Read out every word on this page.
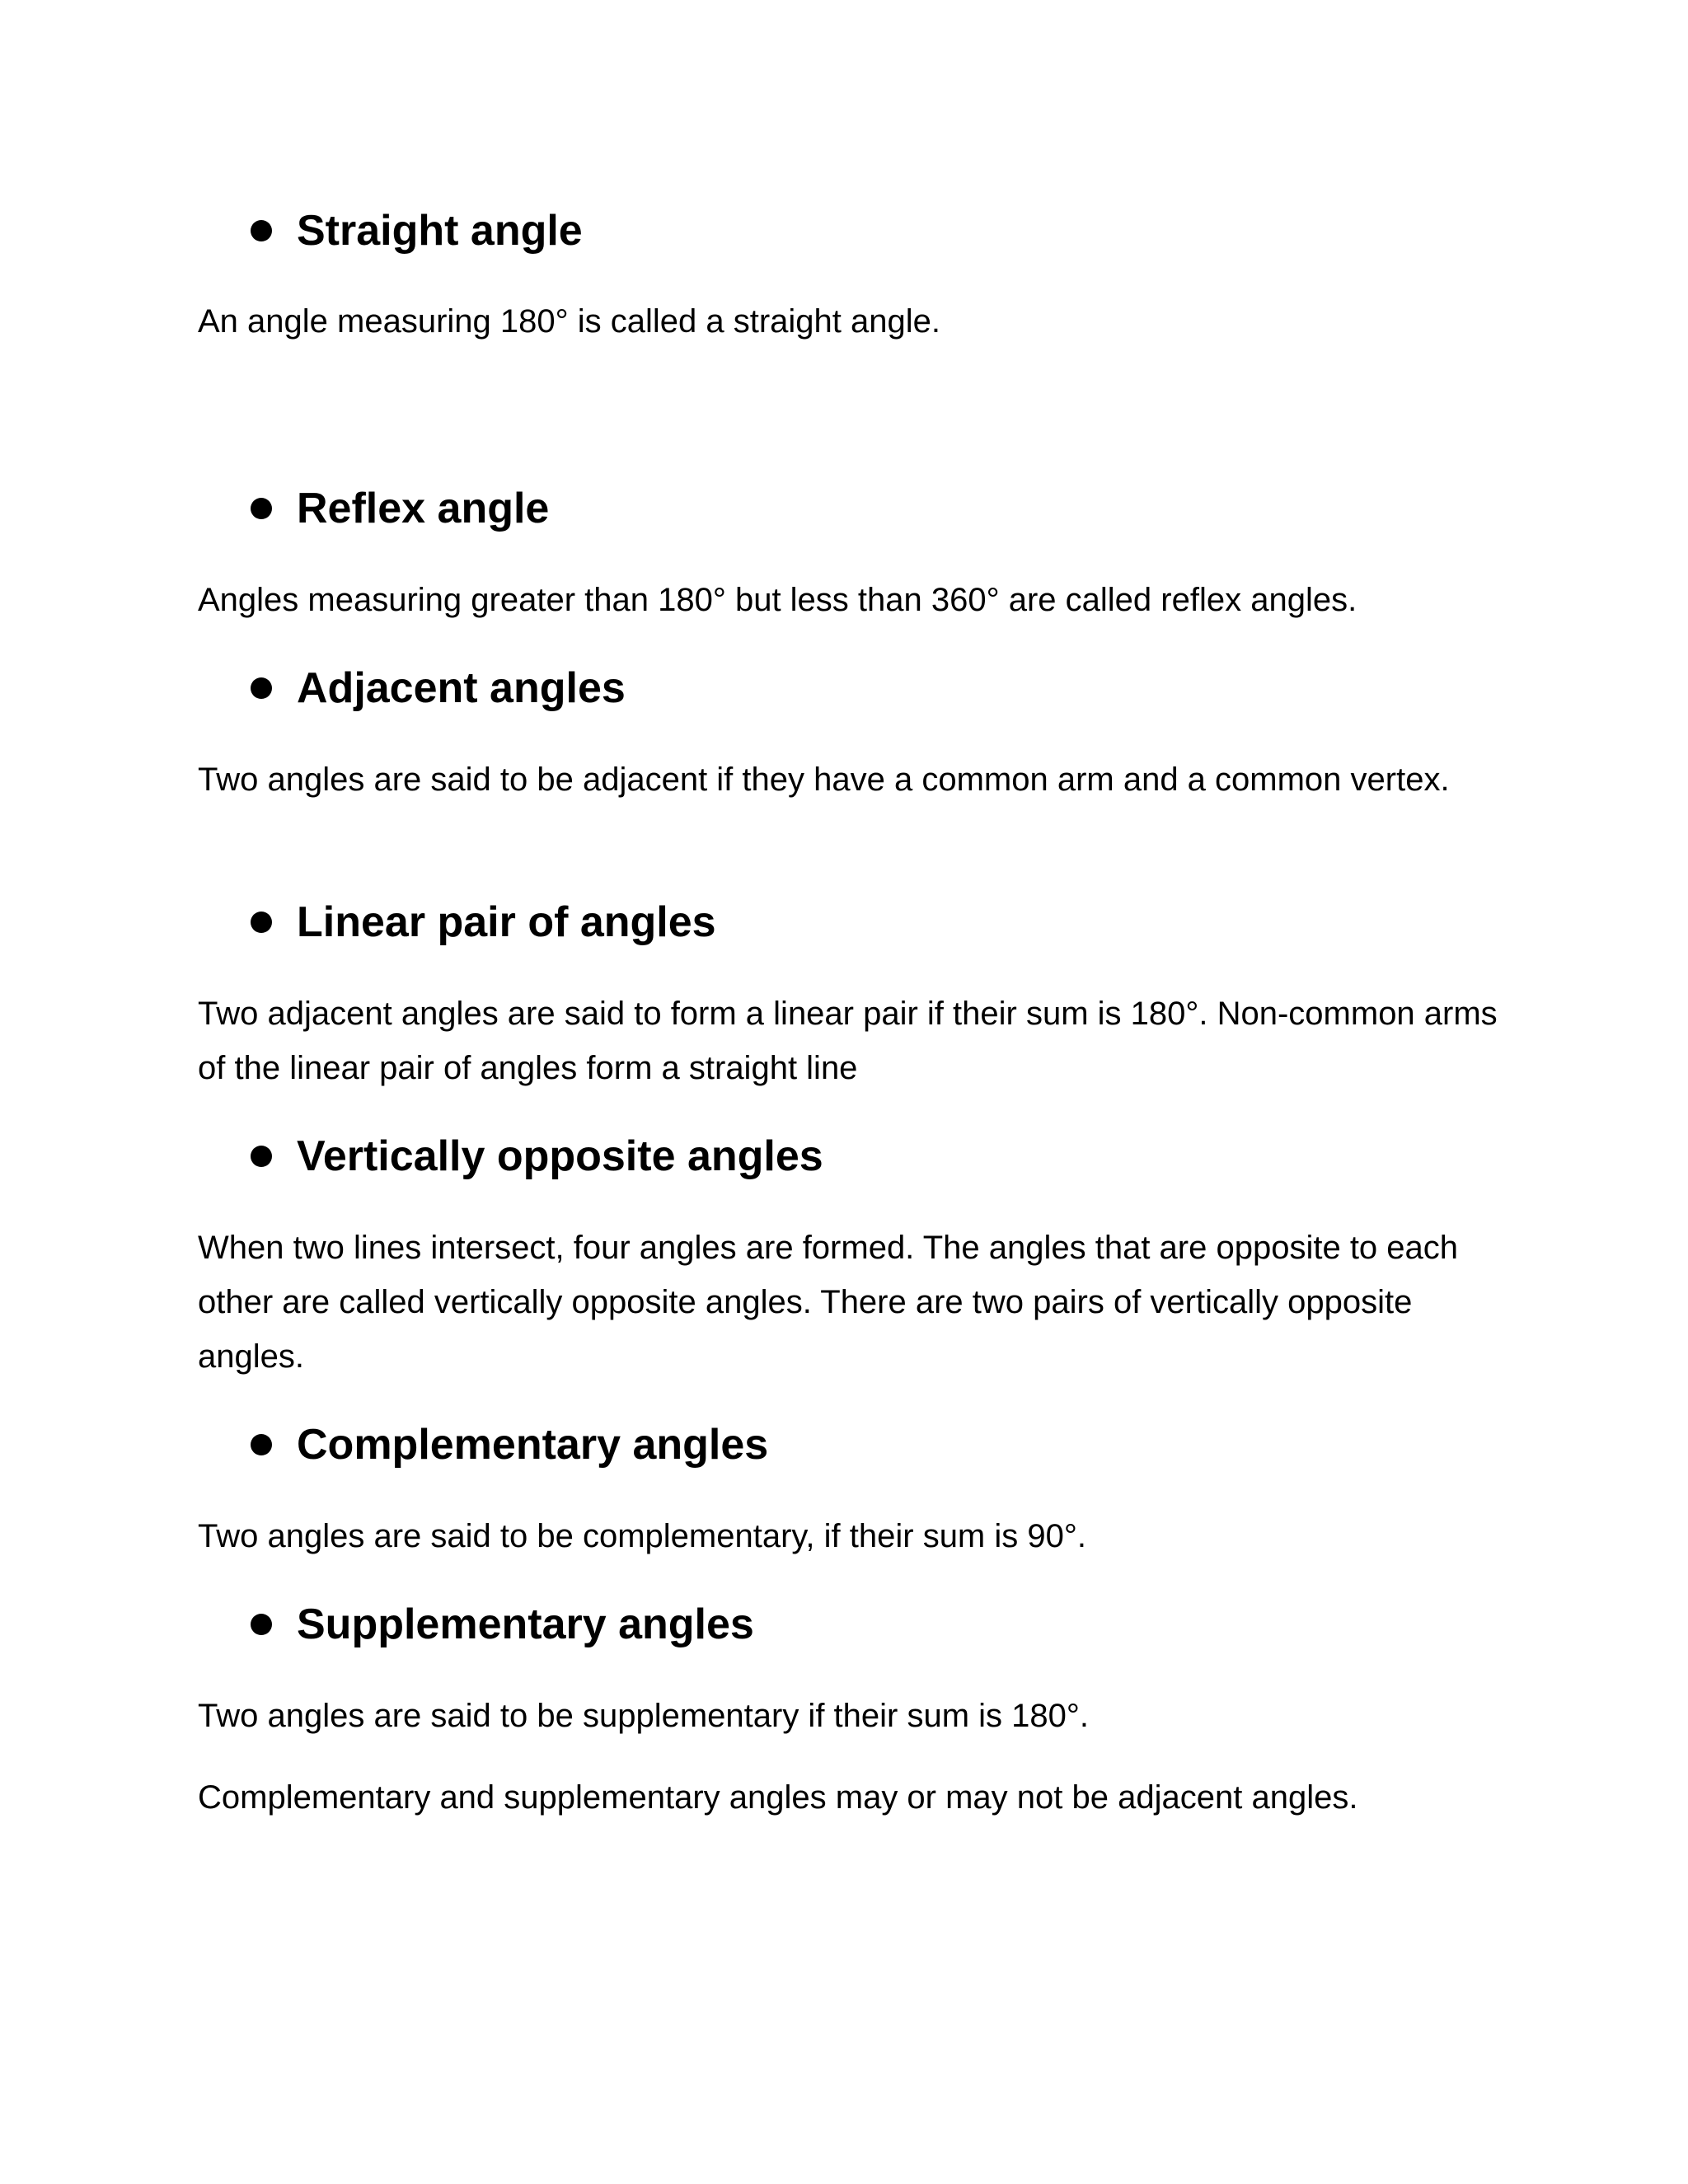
Straight angle

An angle measuring 180° is called a straight angle.

Reflex angle

Angles measuring greater than 180° but less than 360° are called reflex angles.

Adjacent angles

Two angles are said to be adjacent if they have a common arm and a common vertex.

Linear pair of angles

Two adjacent angles are said to form a linear pair if their sum is 180°. Non-common arms of the linear pair of angles form a straight line

Vertically opposite angles

When two lines intersect, four angles are formed. The angles that are opposite to each other are called vertically opposite angles. There are two pairs of vertically opposite angles.

Complementary angles

Two angles are said to be complementary, if their sum is 90°.

Supplementary angles

Two angles are said to be supplementary if their sum is 180°.

Complementary and supplementary angles may or may not be adjacent angles.
